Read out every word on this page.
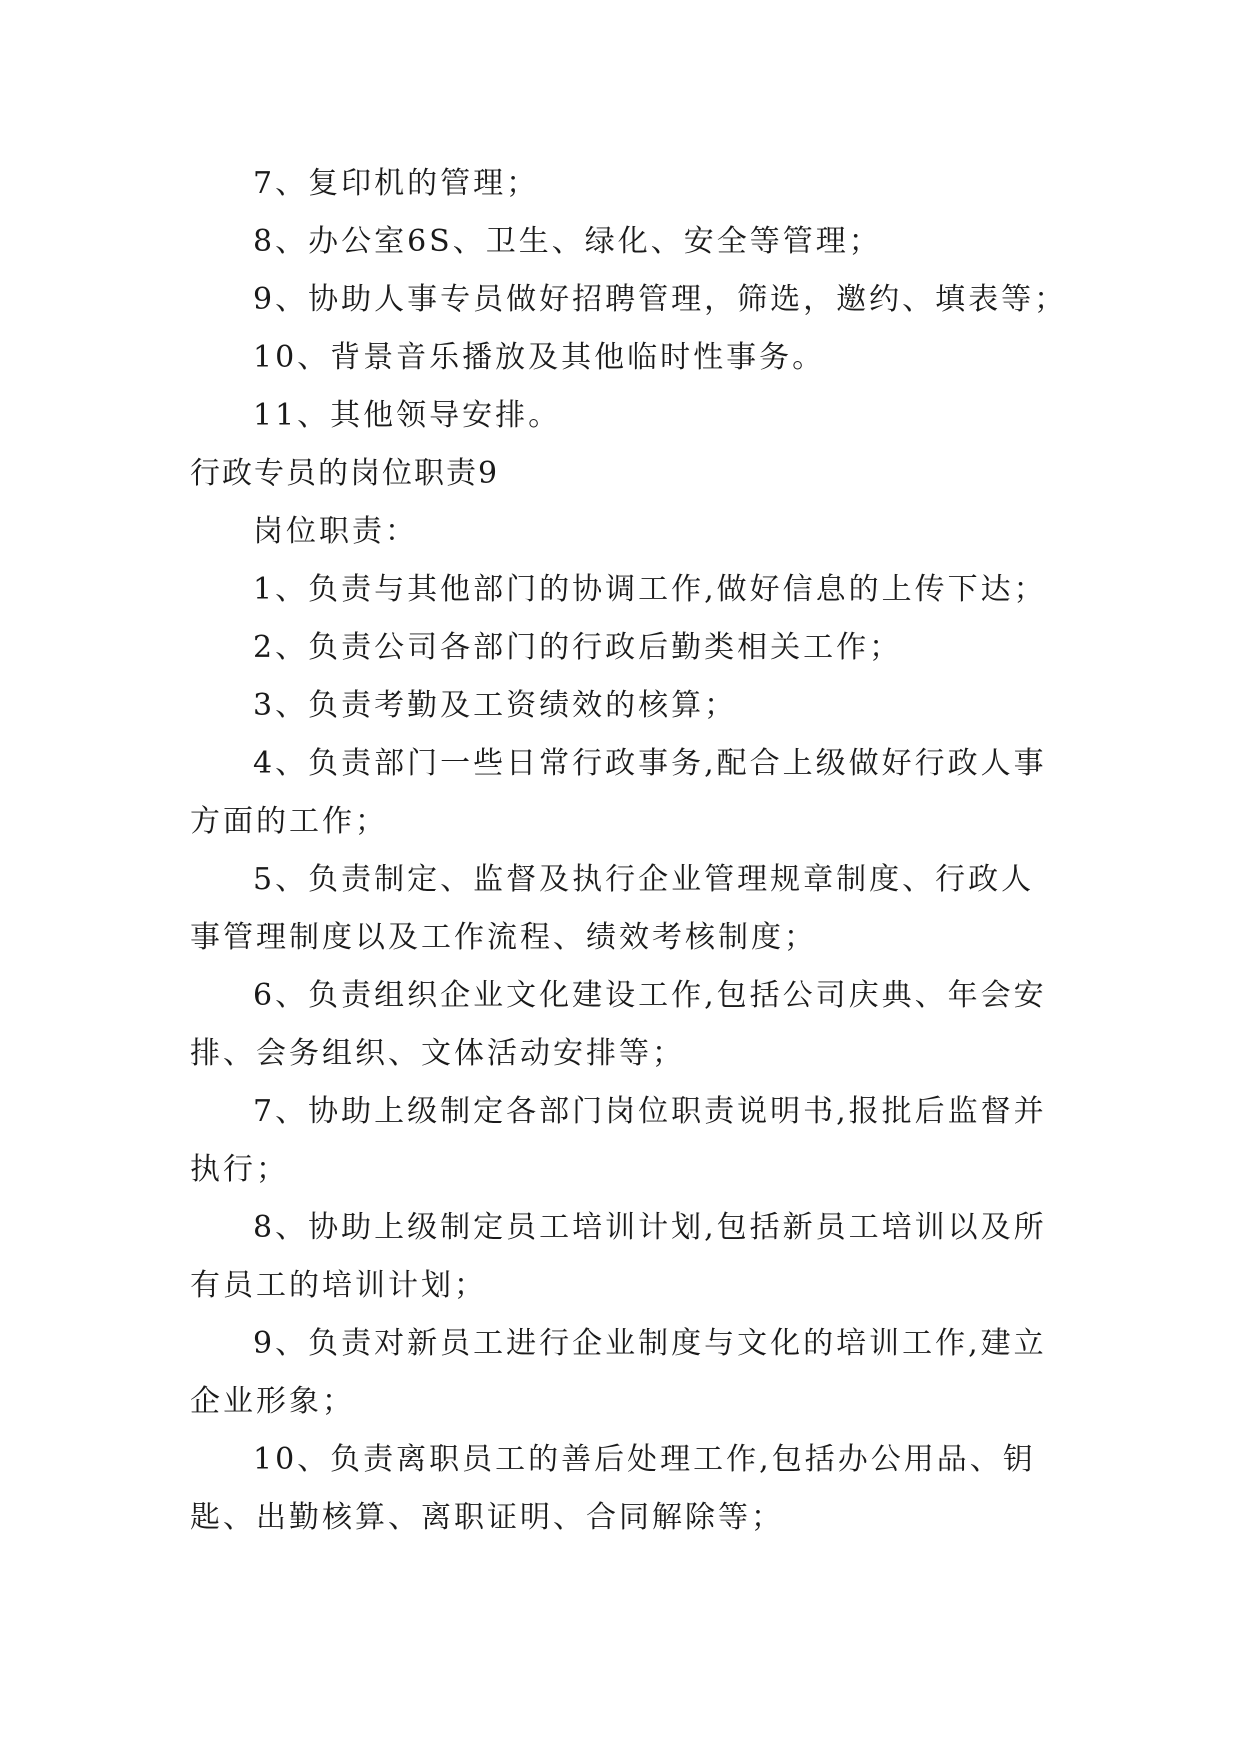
7、复印机的管理；
8、办公室6S、卫生、绿化、安全等管理；
9、协助人事专员做好招聘管理，筛选，邀约、填表等；
10、背景音乐播放及其他临时性事务。
11、其他领导安排。
行政专员的岗位职责9
岗位职责：
1、负责与其他部门的协调工作,做好信息的上传下达；
2、负责公司各部门的行政后勤类相关工作；
3、负责考勤及工资绩效的核算；
4、负责部门一些日常行政事务,配合上级做好行政人事
方面的工作；
5、负责制定、监督及执行企业管理规章制度、行政人
事管理制度以及工作流程、绩效考核制度；
6、负责组织企业文化建设工作,包括公司庆典、年会安
排、会务组织、文体活动安排等；
7、协助上级制定各部门岗位职责说明书,报批后监督并
执行；
8、协助上级制定员工培训计划,包括新员工培训以及所
有员工的培训计划；
9、负责对新员工进行企业制度与文化的培训工作,建立
企业形象；
10、负责离职员工的善后处理工作,包括办公用品、钥
匙、出勤核算、离职证明、合同解除等；
